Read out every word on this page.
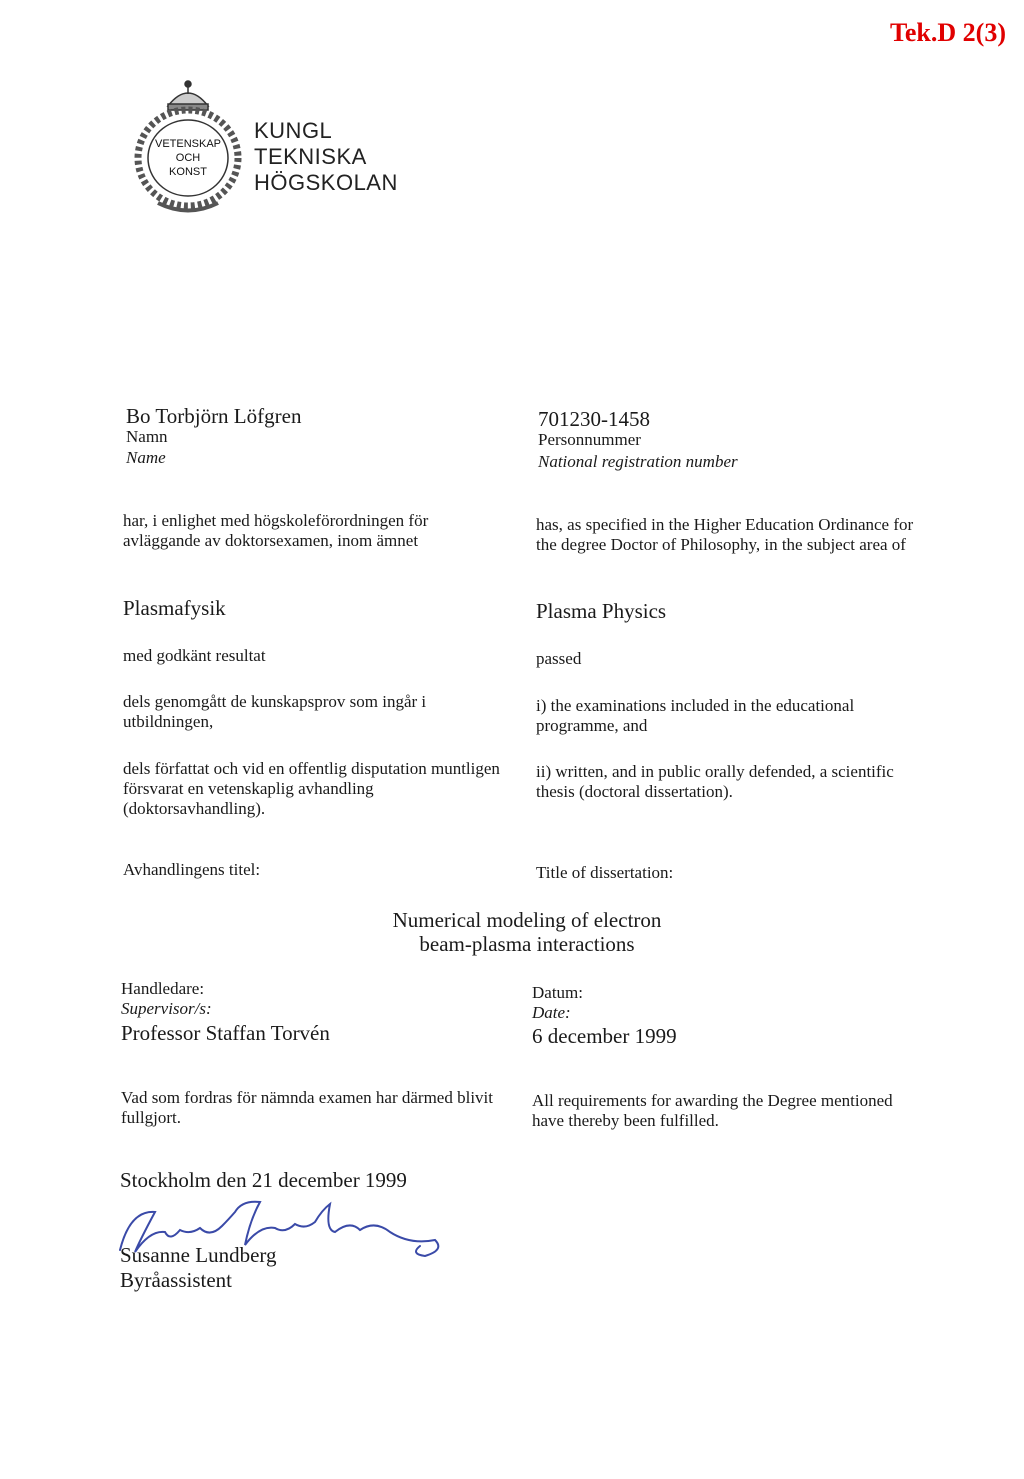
Tek.D 2(3)
VETENSKAP
OCH
KONST
KUNGL
TEKNISKA
HÖGSKOLAN
Bo Torbjörn Löfgren
Namn
Name
701230-1458
Personnummer
National registration number
har, i enlighet med högskoleförordningen för
avläggande av doktorsexamen, inom ämnet
has, as specified in the Higher Education Ordinance for
the degree Doctor of Philosophy, in the subject area of
Plasmafysik	Plasma Physics
med godkänt resultat	passed
dels genomgått de kunskapsprov som ingår i
utbildningen,
i) the examinations included in the educational
programme, and
dels författat och vid en offentlig disputation muntligen
försvarat en vetenskaplig avhandling
(doktorsavhandling).
ii) written, and in public orally defended, a scientific
thesis (doctoral dissertation).
Avhandlingens titel:	Title of dissertation:
Numerical modeling of electron
beam-plasma interactions
Handledare:
Supervisor/s:
Professor Staffan Torvén
Datum:
Date:
6 december 1999
Vad som fordras för nämnda examen har därmed blivit
fullgjort.
All requirements for awarding the Degree mentioned
have thereby been fulfilled.
Stockholm den 21 december 1999
Susanne Lundberg
Byråassistent
